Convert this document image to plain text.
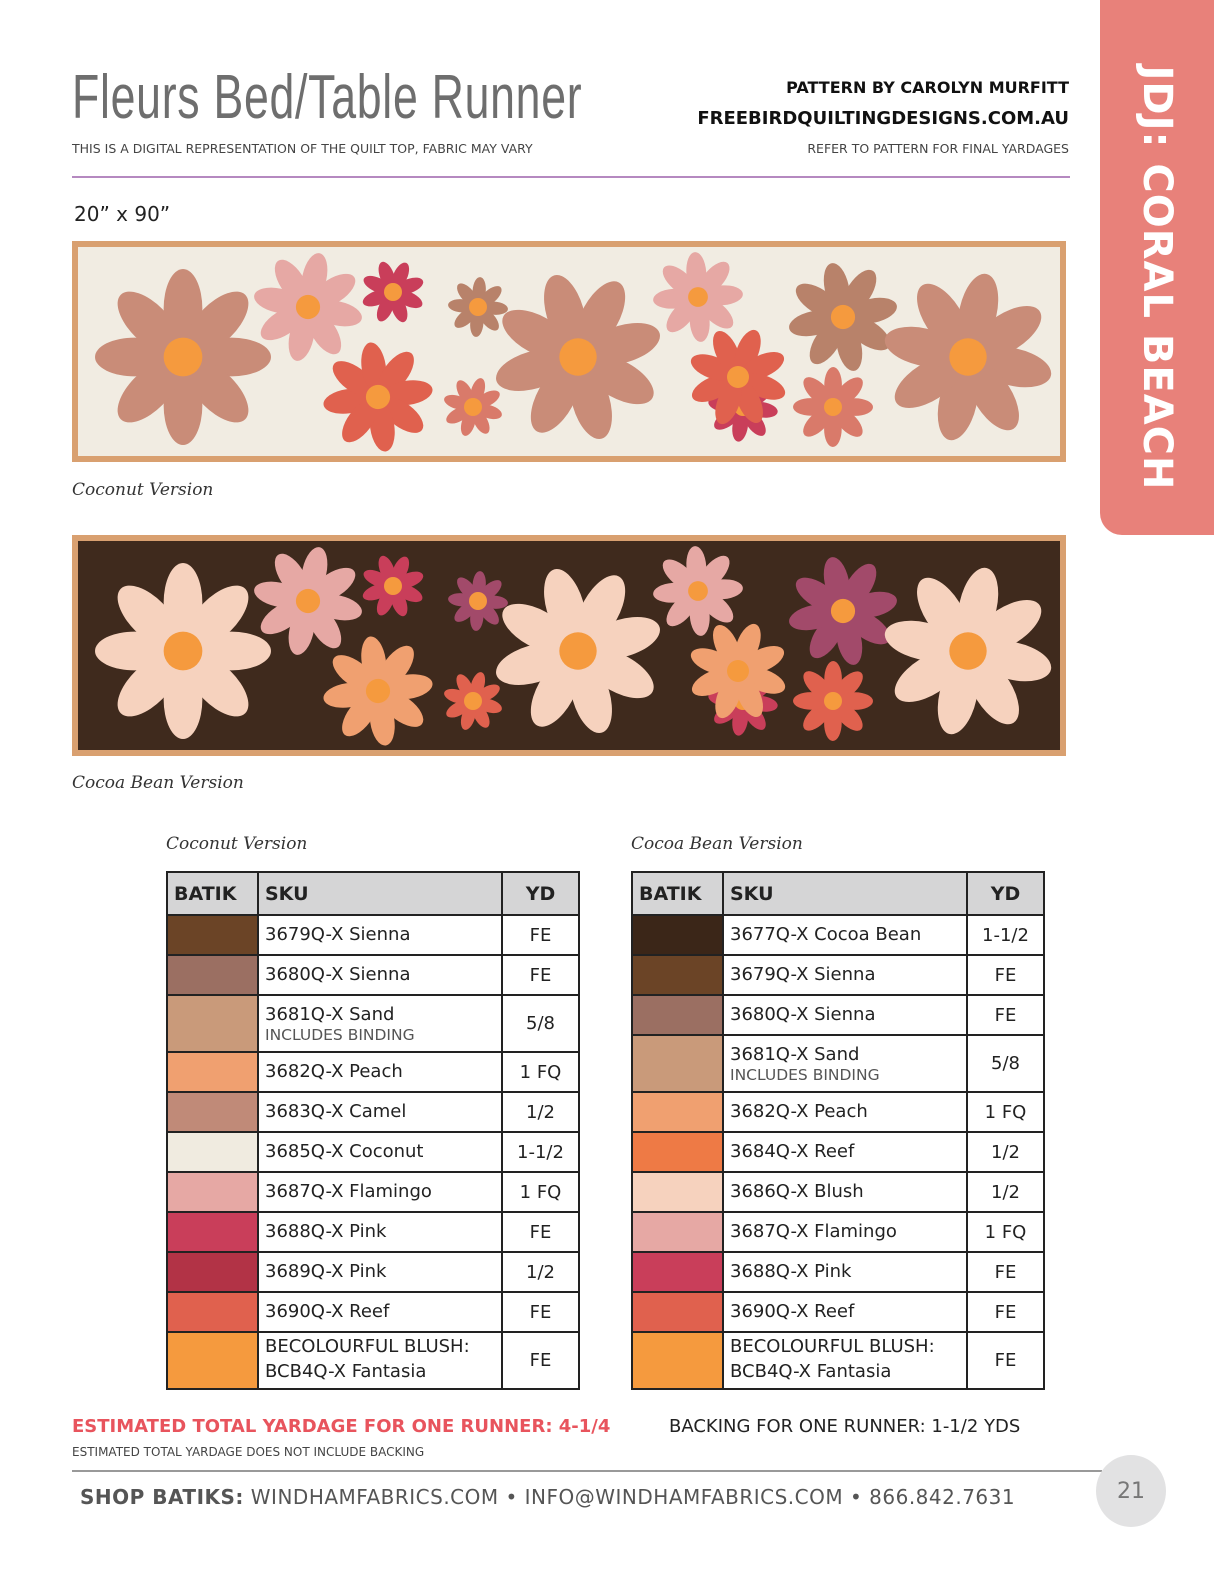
Fleurs Bed/Table Runner
THIS IS A DIGITAL REPRESENTATION OF THE QUILT TOP, FABRIC MAY VARY
PATTERN BY CAROLYN MURFITT
FREEBIRDQUILTINGDESIGNS.COM.AU
REFER TO PATTERN FOR FINAL YARDAGES
20” x 90”	JDJ: CORAL BEACH
Coconut Version
Cocoa Bean Version
Coconut Version	Cocoa Bean Version
BATIK	SKU	YD

	3679Q-X Sienna	FE

	3680Q-X Sienna	FE

	3681Q-X Sand
INCLUDES BINDING	5/8

	3682Q-X Peach	1 FQ

	3683Q-X Camel	1/2

	3685Q-X Coconut	1-1/2

	3687Q-X Flamingo	1 FQ

	3688Q-X Pink	FE

	3689Q-X Pink	1/2

	3690Q-X Reef	FE

	BECOLOURFUL BLUSH:
BCB4Q-X Fantasia	FE
BATIK	SKU	YD

	3677Q-X Cocoa Bean	1-1/2

	3679Q-X Sienna	FE

	3680Q-X Sienna	FE

	3681Q-X Sand
INCLUDES BINDING	5/8

	3682Q-X Peach	1 FQ

	3684Q-X Reef	1/2

	3686Q-X Blush	1/2

	3687Q-X Flamingo	1 FQ

	3688Q-X Pink	FE

	3690Q-X Reef	FE

	BECOLOURFUL BLUSH:
BCB4Q-X Fantasia	FE
ESTIMATED TOTAL YARDAGE FOR ONE RUNNER: 4-1/4
ESTIMATED TOTAL YARDAGE DOES NOT INCLUDE BACKING
BACKING FOR ONE RUNNER: 1-1/2 YDS
SHOP BATIKS: WINDHAMFABRICS.COM • INFO@WINDHAMFABRICS.COM • 866.842.7631	21
